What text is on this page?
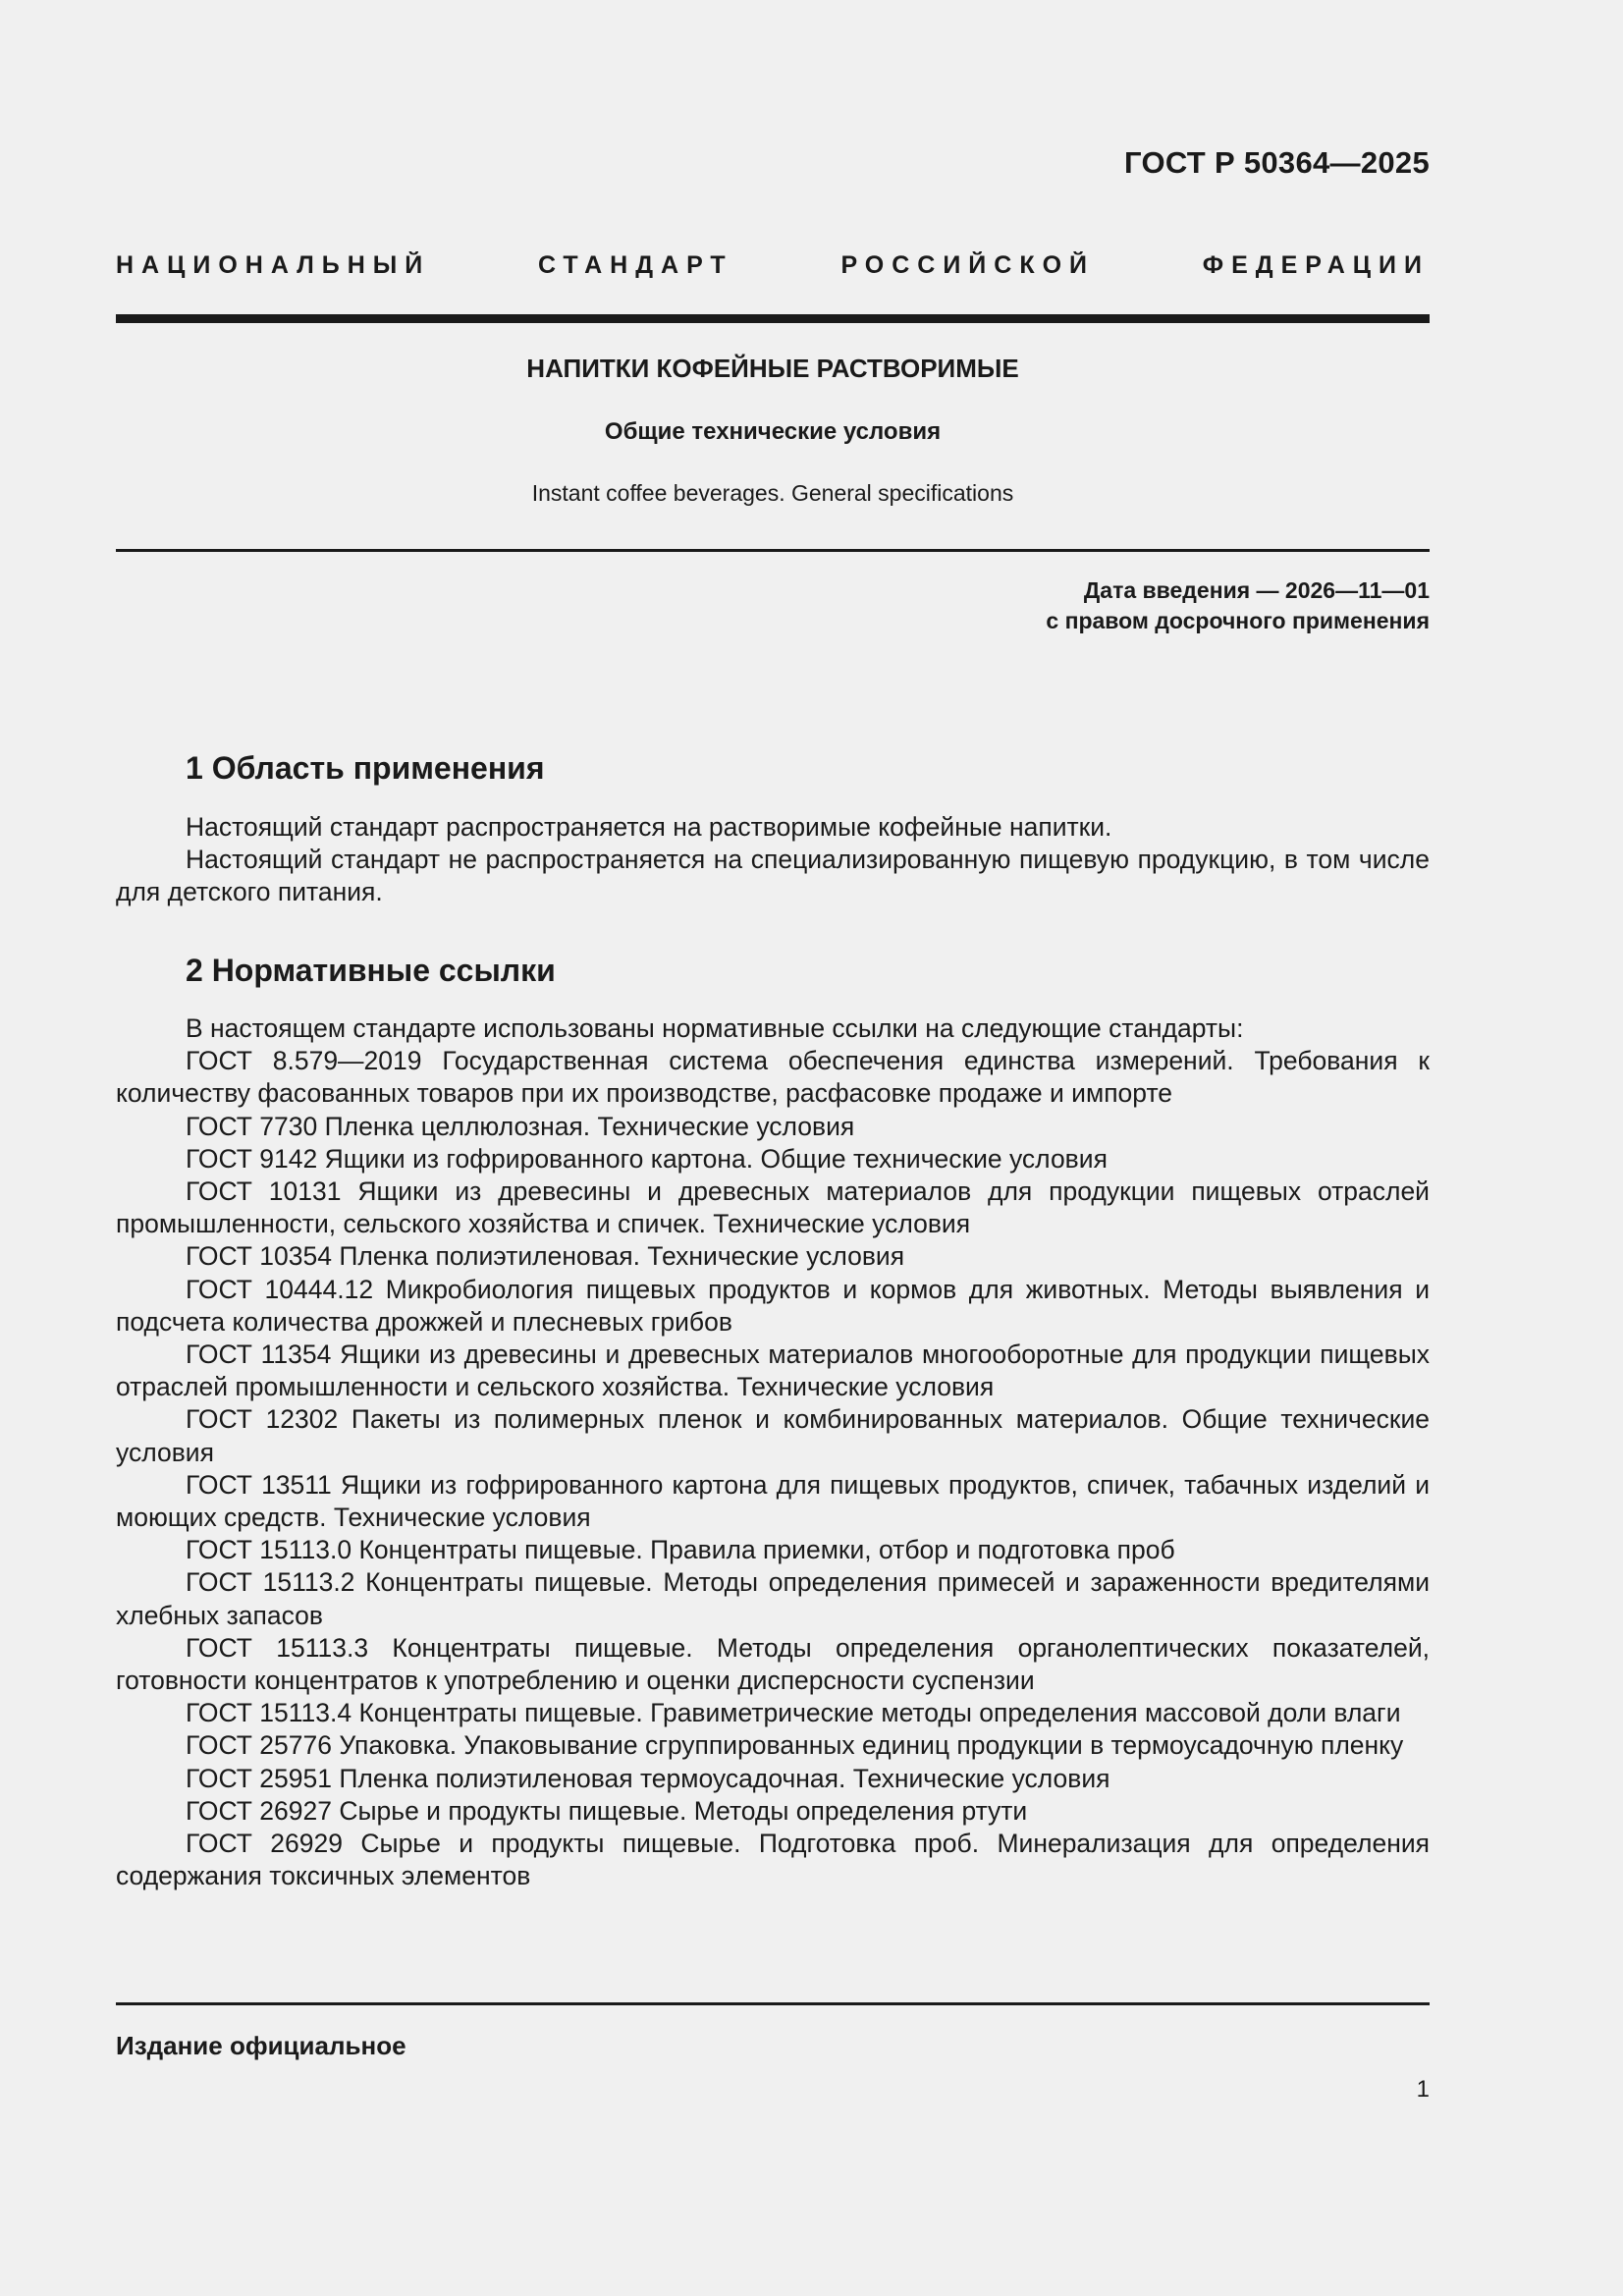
ГОСТ Р 50364—2025
НАЦИОНАЛЬНЫЙ СТАНДАРТ РОССИЙСКОЙ ФЕДЕРАЦИИ
НАПИТКИ КОФЕЙНЫЕ РАСТВОРИМЫЕ
Общие технические условия
Instant coffee beverages. General specifications
Дата введения — 2026—11—01
с правом досрочного применения
1 Область применения

Настоящий стандарт распространяется на растворимые кофейные напитки.

Настоящий стандарт не распространяется на специализированную пищевую продукцию, в том числе для детского питания.

2 Нормативные ссылки

В настоящем стандарте использованы нормативные ссылки на следующие стандарты:

ГОСТ 8.579—2019 Государственная система обеспечения единства измерений. Требования к количеству фасованных товаров при их производстве, расфасовке продаже и импорте

ГОСТ 7730 Пленка целлюлозная. Технические условия

ГОСТ 9142 Ящики из гофрированного картона. Общие технические условия

ГОСТ 10131 Ящики из древесины и древесных материалов для продукции пищевых отраслей промышленности, сельского хозяйства и спичек. Технические условия

ГОСТ 10354 Пленка полиэтиленовая. Технические условия

ГОСТ 10444.12 Микробиология пищевых продуктов и кормов для животных. Методы выявления и подсчета количества дрожжей и плесневых грибов

ГОСТ 11354 Ящики из древесины и древесных материалов многооборотные для продукции пищевых отраслей промышленности и сельского хозяйства. Технические условия

ГОСТ 12302 Пакеты из полимерных пленок и комбинированных материалов. Общие технические условия

ГОСТ 13511 Ящики из гофрированного картона для пищевых продуктов, спичек, табачных изделий и моющих средств. Технические условия

ГОСТ 15113.0 Концентраты пищевые. Правила приемки, отбор и подготовка проб

ГОСТ 15113.2 Концентраты пищевые. Методы определения примесей и зараженности вредителями хлебных запасов

ГОСТ 15113.3 Концентраты пищевые. Методы определения органолептических показателей, готовности концентратов к употреблению и оценки дисперсности суспензии

ГОСТ 15113.4 Концентраты пищевые. Гравиметрические методы определения массовой доли влаги

ГОСТ 25776 Упаковка. Упаковывание сгруппированных единиц продукции в термоусадочную пленку

ГОСТ 25951 Пленка полиэтиленовая термоусадочная. Технические условия

ГОСТ 26927 Сырье и продукты пищевые. Методы определения ртути

ГОСТ 26929 Сырье и продукты пищевые. Подготовка проб. Минерализация для определения содержания токсичных элементов

Издание официальное
1
